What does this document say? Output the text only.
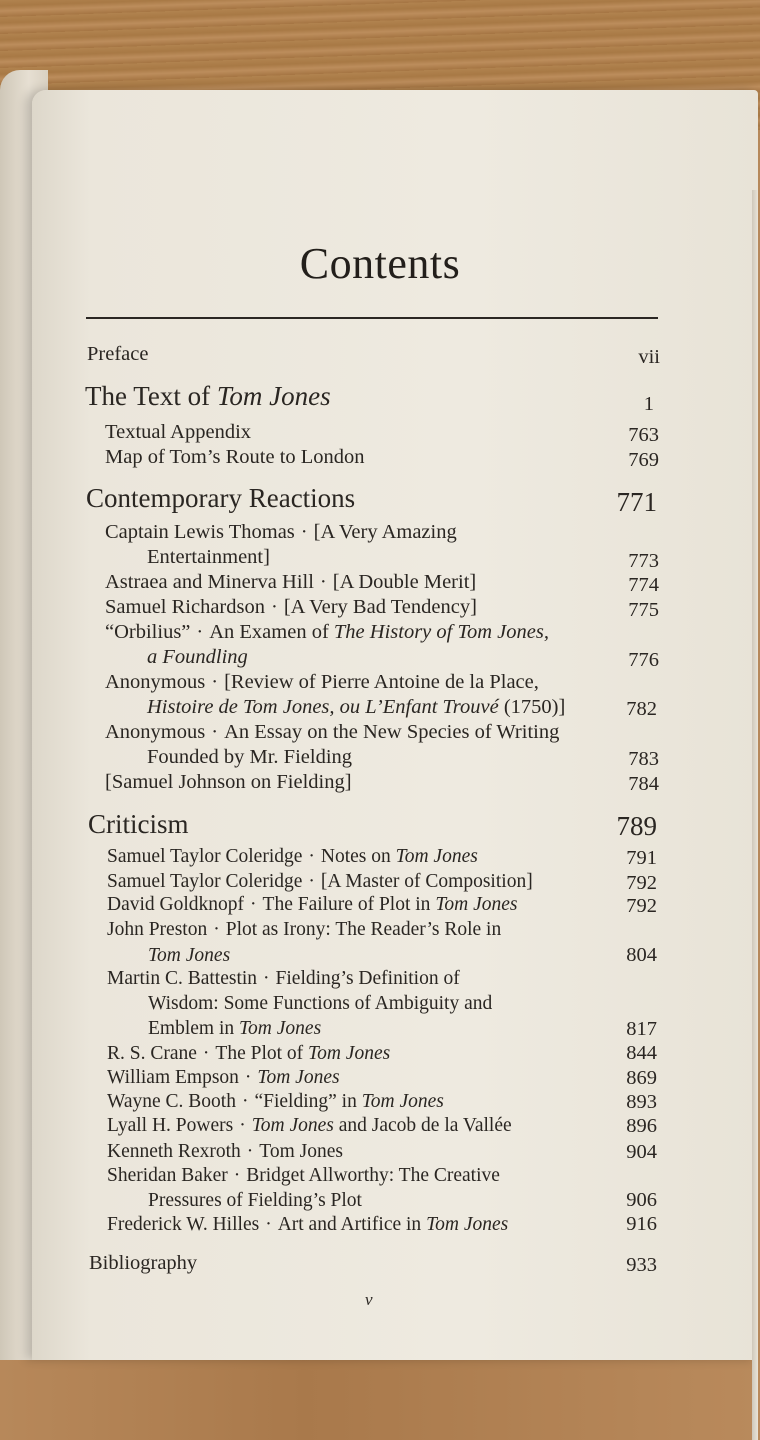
Contents
Preface	vii
The Text of Tom Jones	1
Textual Appendix	763
Map of Tom’s Route to London	769
Contemporary Reactions	771
Captain Lewis Thomas · [A Very Amazing
Entertainment]	773
Astraea and Minerva Hill · [A Double Merit]	774
Samuel Richardson · [A Very Bad Tendency]	775
“Orbilius” · An Examen of The History of Tom Jones,
a Foundling	776
Anonymous · [Review of Pierre Antoine de la Place,
Histoire de Tom Jones, ou L’Enfant Trouvé (1750)]	782
Anonymous · An Essay on the New Species of Writing
Founded by Mr. Fielding	783
[Samuel Johnson on Fielding]	784
Criticism	789
Samuel Taylor Coleridge · Notes on Tom Jones	791
Samuel Taylor Coleridge · [A Master of Composition]	792
David Goldknopf · The Failure of Plot in Tom Jones	792
John Preston · Plot as Irony: The Reader’s Role in
Tom Jones	804
Martin C. Battestin · Fielding’s Definition of
Wisdom: Some Functions of Ambiguity and
Emblem in Tom Jones	817
R. S. Crane · The Plot of Tom Jones	844
William Empson · Tom Jones	869
Wayne C. Booth · “Fielding” in Tom Jones	893
Lyall H. Powers · Tom Jones and Jacob de la Vallée	896
Kenneth Rexroth · Tom Jones	904
Sheridan Baker · Bridget Allworthy: The Creative
Pressures of Fielding’s Plot	906
Frederick W. Hilles · Art and Artifice in Tom Jones	916
Bibliography	933
v
